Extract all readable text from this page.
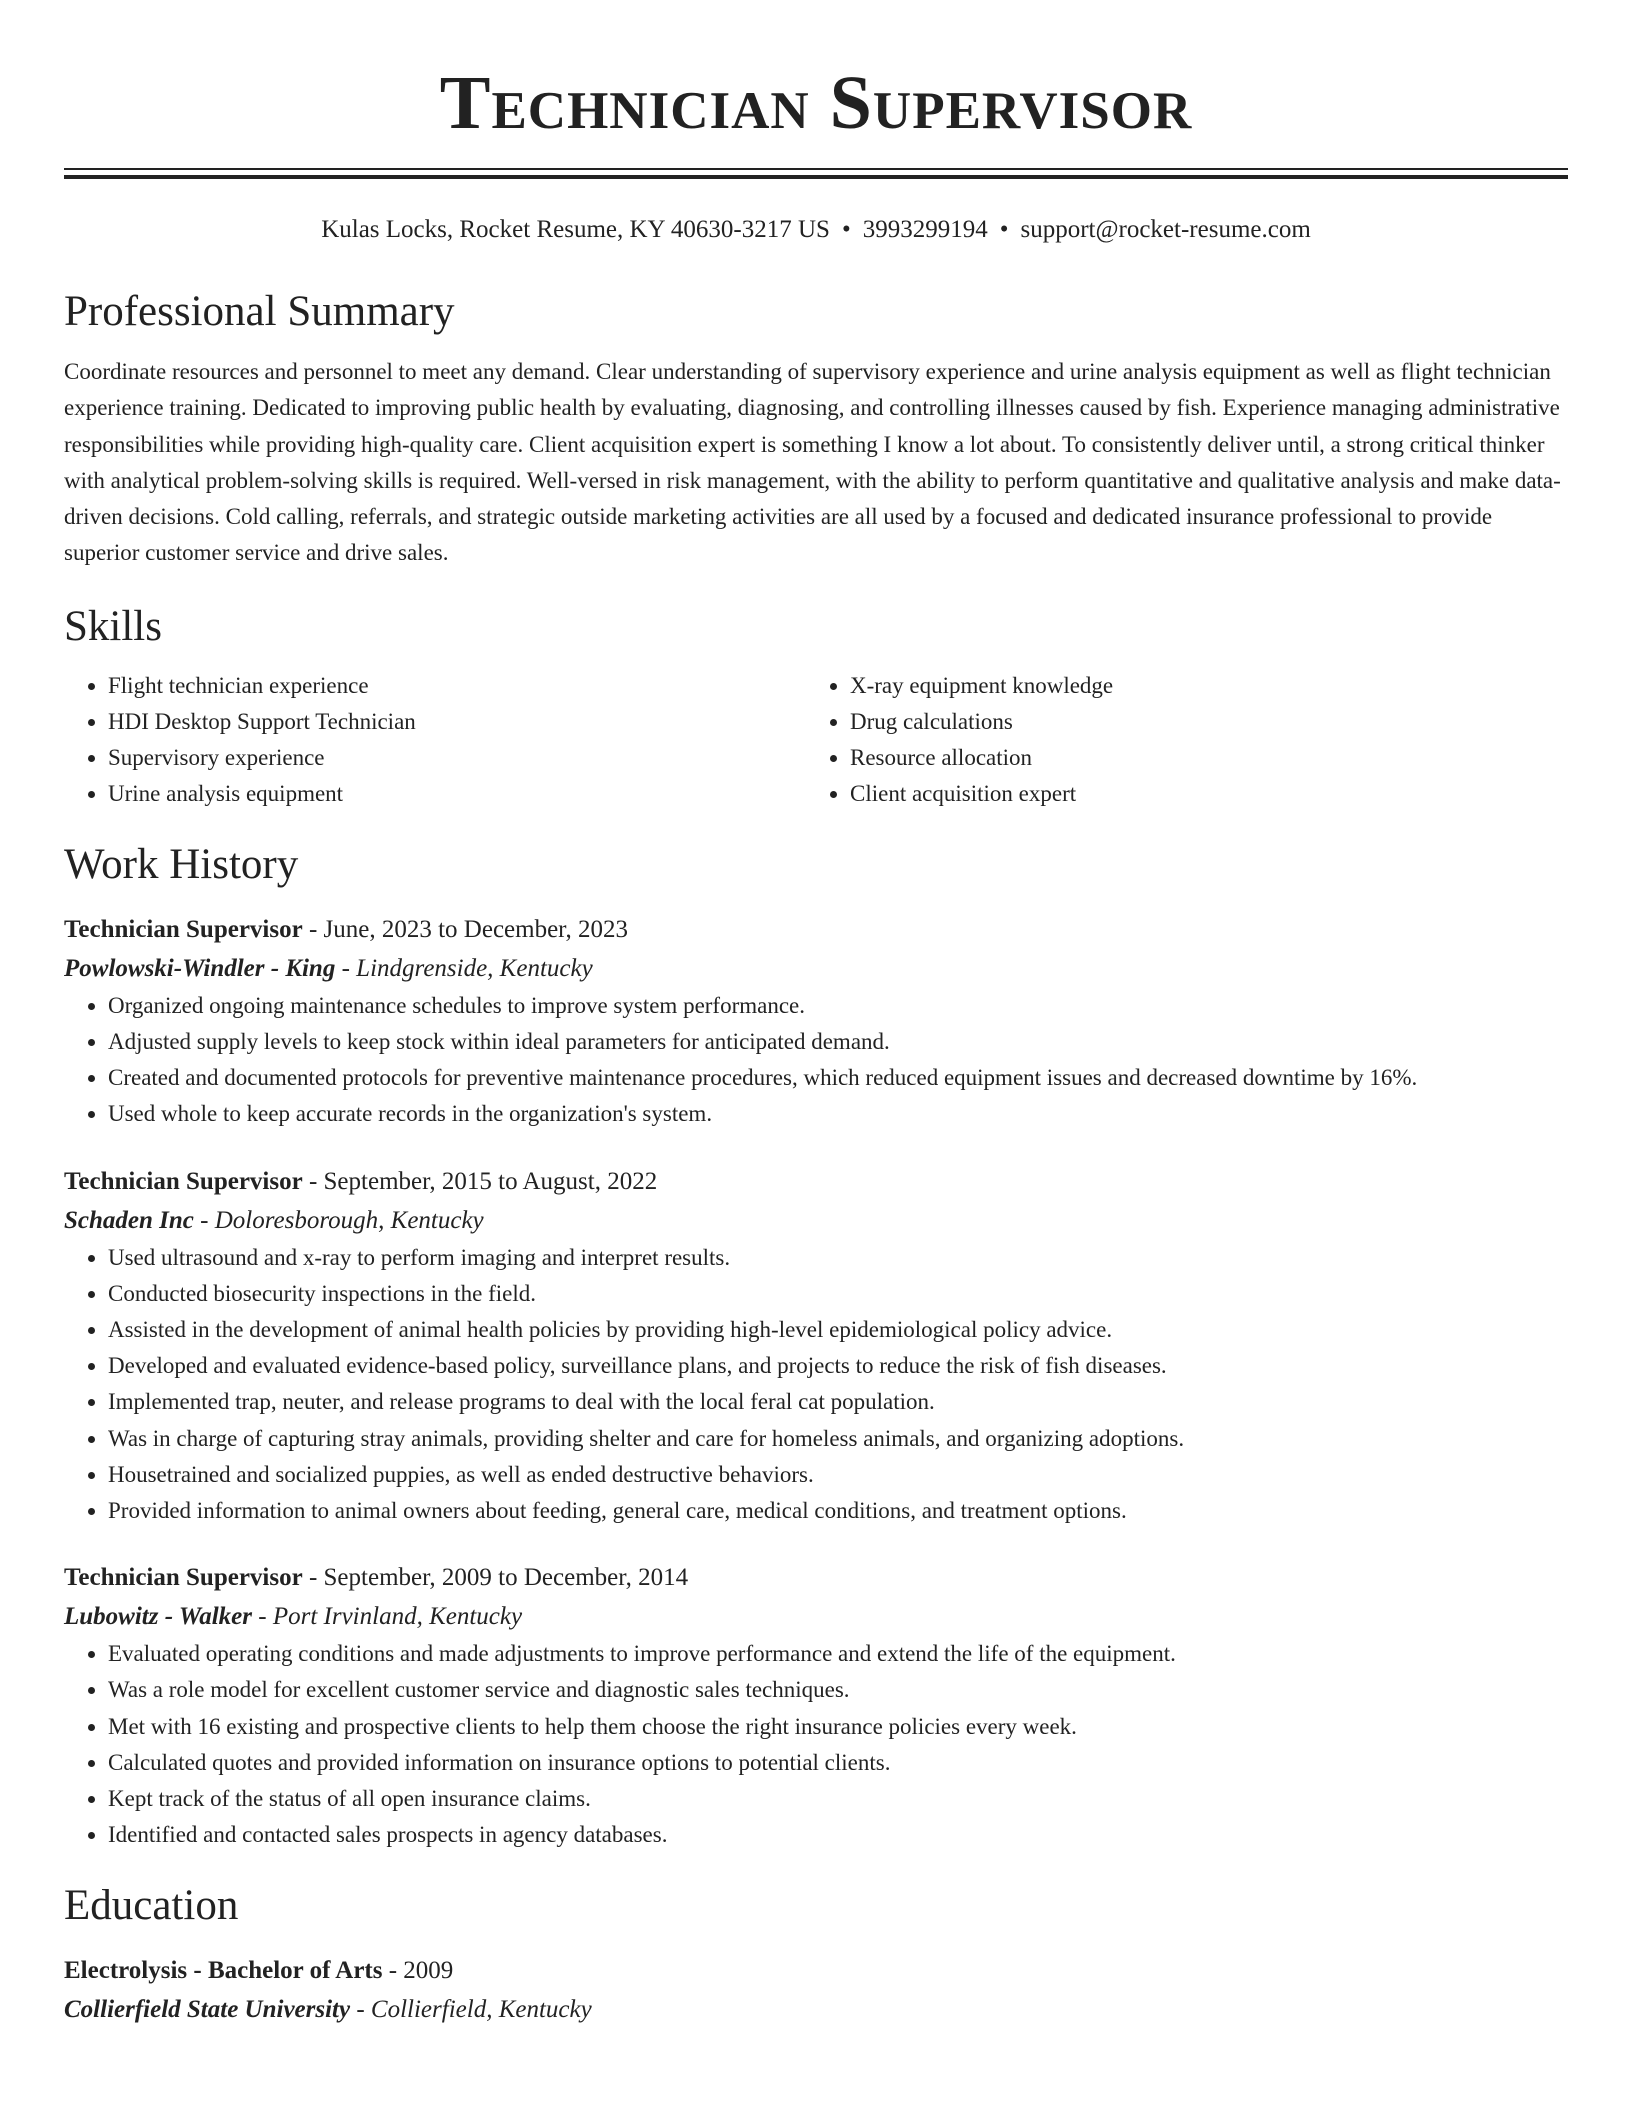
Technician Supervisor
Kulas Locks, Rocket Resume, KY 40630-3217 US • 3993299194 • support@rocket-resume.com
Professional Summary
Coordinate resources and personnel to meet any demand. Clear understanding of supervisory experience and urine analysis equipment as well as flight technician experience training. Dedicated to improving public health by evaluating, diagnosing, and controlling illnesses caused by fish. Experience managing administrative responsibilities while providing high-quality care. Client acquisition expert is something I know a lot about. To consistently deliver until, a strong critical thinker with analytical problem-solving skills is required. Well-versed in risk management, with the ability to perform quantitative and qualitative analysis and make data-driven decisions. Cold calling, referrals, and strategic outside marketing activities are all used by a focused and dedicated insurance professional to provide superior customer service and drive sales.
Skills
• Flight technician experience
• HDI Desktop Support Technician
• Supervisory experience
• Urine analysis equipment
• X-ray equipment knowledge
• Drug calculations
• Resource allocation
• Client acquisition expert
Work History
Technician Supervisor - June, 2023 to December, 2023
Powlowski-Windler - King - Lindgrenside, Kentucky
• Organized ongoing maintenance schedules to improve system performance.
• Adjusted supply levels to keep stock within ideal parameters for anticipated demand.
• Created and documented protocols for preventive maintenance procedures, which reduced equipment issues and decreased downtime by 16%.
• Used whole to keep accurate records in the organization's system.
Technician Supervisor - September, 2015 to August, 2022
Schaden Inc - Doloresborough, Kentucky
• Used ultrasound and x-ray to perform imaging and interpret results.
• Conducted biosecurity inspections in the field.
• Assisted in the development of animal health policies by providing high-level epidemiological policy advice.
• Developed and evaluated evidence-based policy, surveillance plans, and projects to reduce the risk of fish diseases.
• Implemented trap, neuter, and release programs to deal with the local feral cat population.
• Was in charge of capturing stray animals, providing shelter and care for homeless animals, and organizing adoptions.
• Housetrained and socialized puppies, as well as ended destructive behaviors.
• Provided information to animal owners about feeding, general care, medical conditions, and treatment options.
Technician Supervisor - September, 2009 to December, 2014
Lubowitz - Walker - Port Irvinland, Kentucky
• Evaluated operating conditions and made adjustments to improve performance and extend the life of the equipment.
• Was a role model for excellent customer service and diagnostic sales techniques.
• Met with 16 existing and prospective clients to help them choose the right insurance policies every week.
• Calculated quotes and provided information on insurance options to potential clients.
• Kept track of the status of all open insurance claims.
• Identified and contacted sales prospects in agency databases.
Education
Electrolysis - Bachelor of Arts - 2009
Collierfield State University - Collierfield, Kentucky
